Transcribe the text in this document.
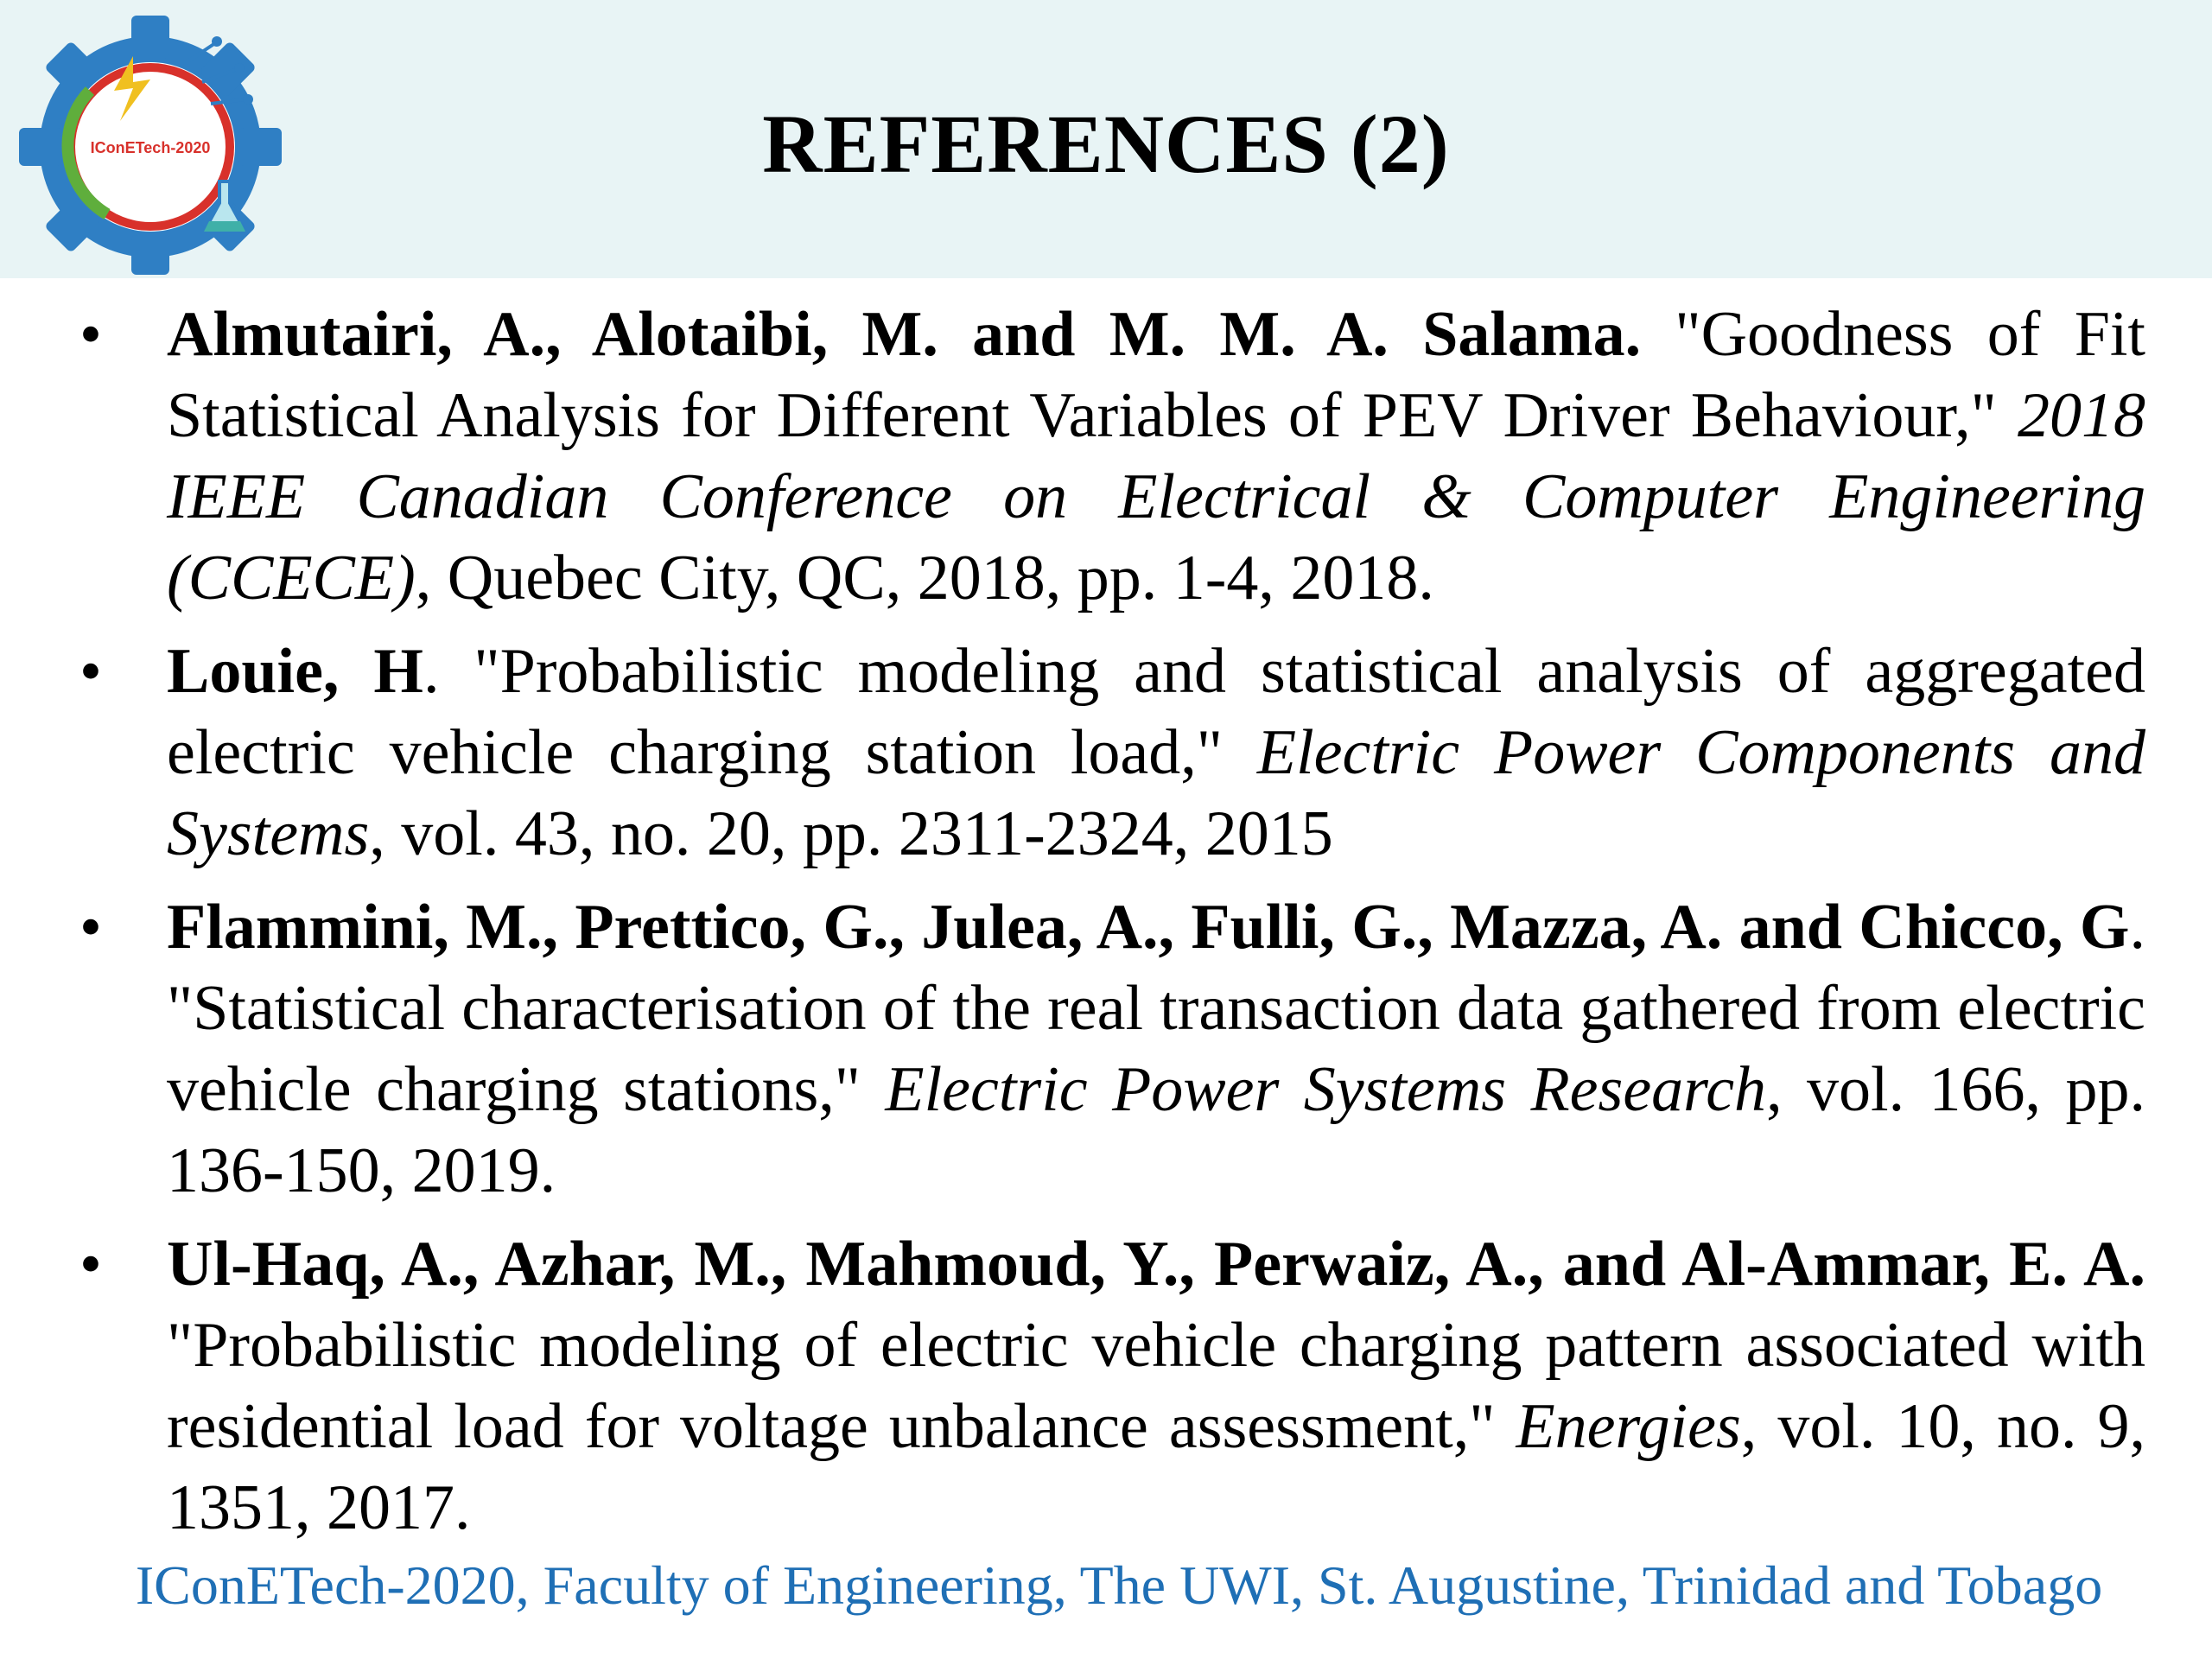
IConETech-2020	REFERENCES (2)
• Almutairi, A., Alotaibi, M. and M. M. A. Salama. "Goodness of Fit Statistical Analysis for Different Variables of PEV Driver Behaviour," 2018 IEEE Canadian Conference on Electrical & Computer Engineering (CCECE), Quebec City, QC, 2018, pp. 1-4, 2018.
• Louie, H. "Probabilistic modeling and statistical analysis of aggregated electric vehicle charging station load," Electric Power Components and Systems, vol. 43, no. 20, pp. 2311-2324, 2015
• Flammini, M., Prettico, G., Julea, A., Fulli, G., Mazza, A. and Chicco, G. "Statistical characterisation of the real transaction data gathered from electric vehicle charging stations," Electric Power Systems Research, vol. 166, pp. 136-150, 2019.
• Ul-Haq, A., Azhar, M., Mahmoud, Y., Perwaiz, A., and Al-Ammar, E. A. "Probabilistic modeling of electric vehicle charging pattern associated with residential load for voltage unbalance assessment," Energies, vol. 10, no. 9, 1351, 2017.
IConETech-2020, Faculty of Engineering, The UWI, St. Augustine, Trinidad and Tobago
